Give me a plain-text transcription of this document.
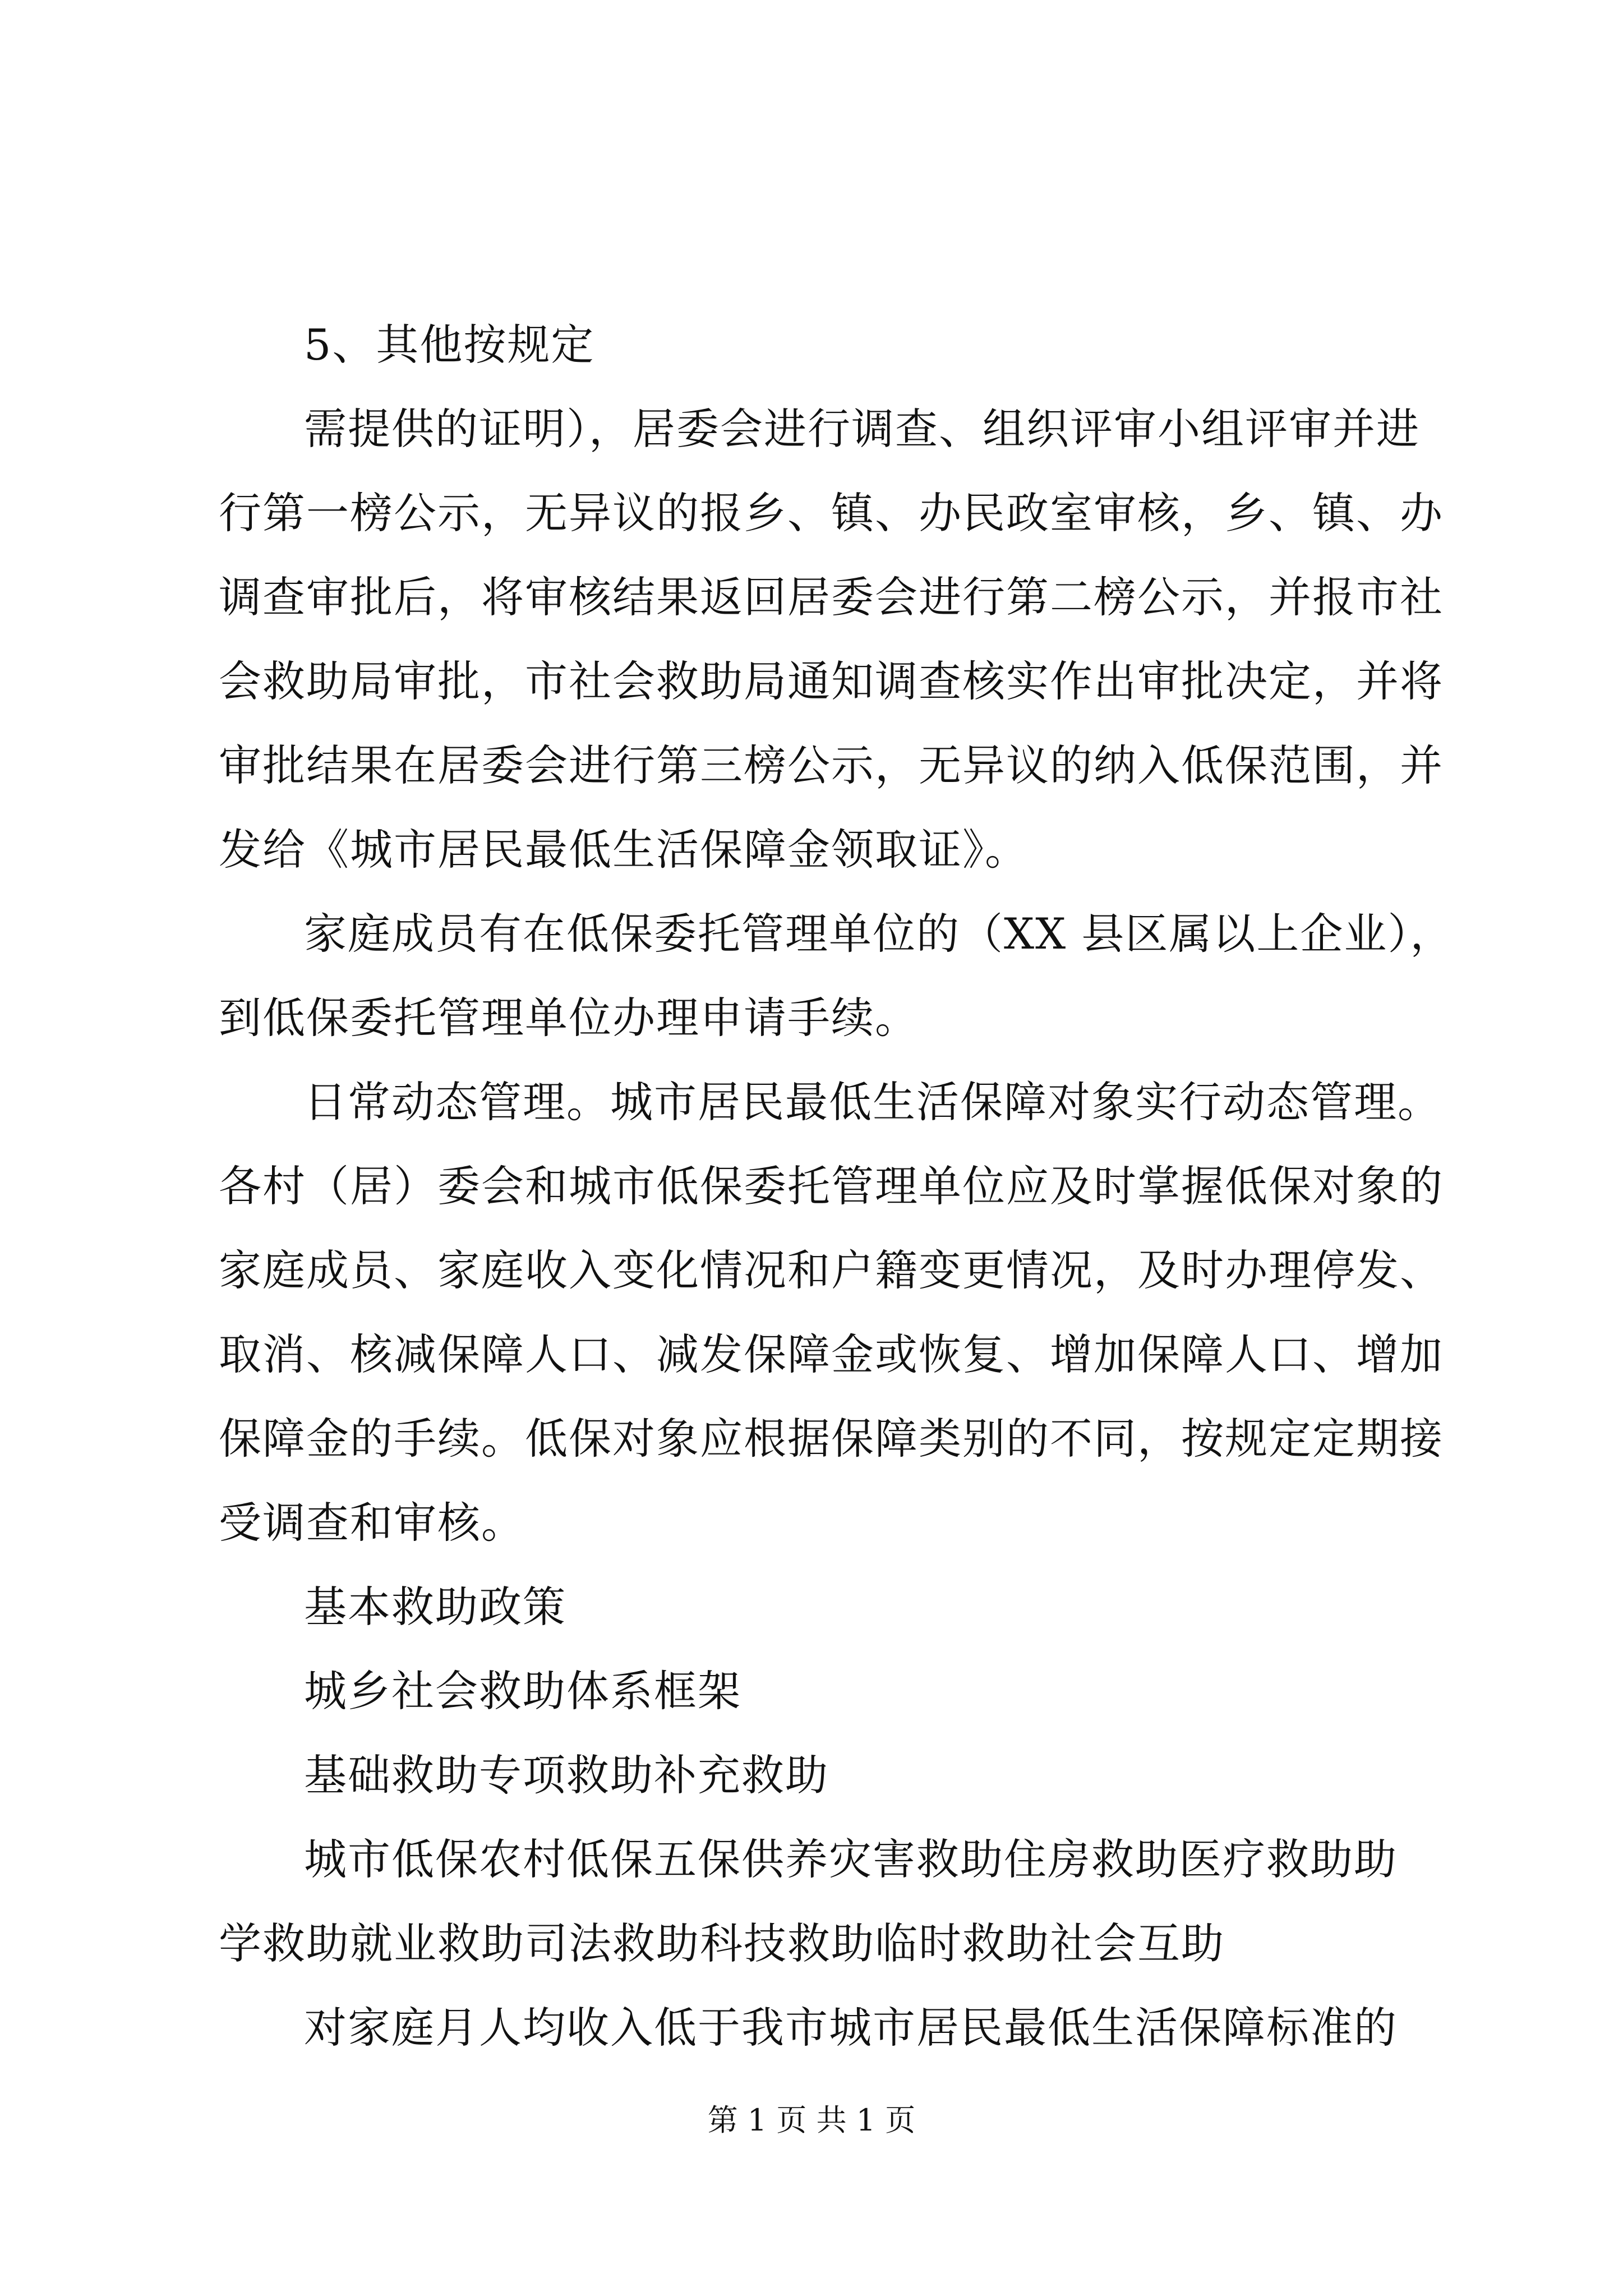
5、其他按规定
需提供的证明），居委会进行调查、组织评审小组评审并进
行第一榜公示，无异议的报乡、镇、办民政室审核，乡、镇、办
调查审批后，将审核结果返回居委会进行第二榜公示，并报市社
会救助局审批，市社会救助局通知调查核实作出审批决定，并将
审批结果在居委会进行第三榜公示，无异议的纳入低保范围，并
发给《城市居民最低生活保障金领取证》。
家庭成员有在低保委托管理单位的（XX 县区属以上企业），
到低保委托管理单位办理申请手续。
日常动态管理。城市居民最低生活保障对象实行动态管理。
各村（居）委会和城市低保委托管理单位应及时掌握低保对象的
家庭成员、家庭收入变化情况和户籍变更情况，及时办理停发、
取消、核减保障人口、减发保障金或恢复、增加保障人口、增加
保障金的手续。低保对象应根据保障类别的不同，按规定定期接
受调查和审核。
基本救助政策
城乡社会救助体系框架
基础救助专项救助补充救助
城市低保农村低保五保供养灾害救助住房救助医疗救助助
学救助就业救助司法救助科技救助临时救助社会互助
对家庭月人均收入低于我市城市居民最低生活保障标准的
第 1 页 共 1 页
